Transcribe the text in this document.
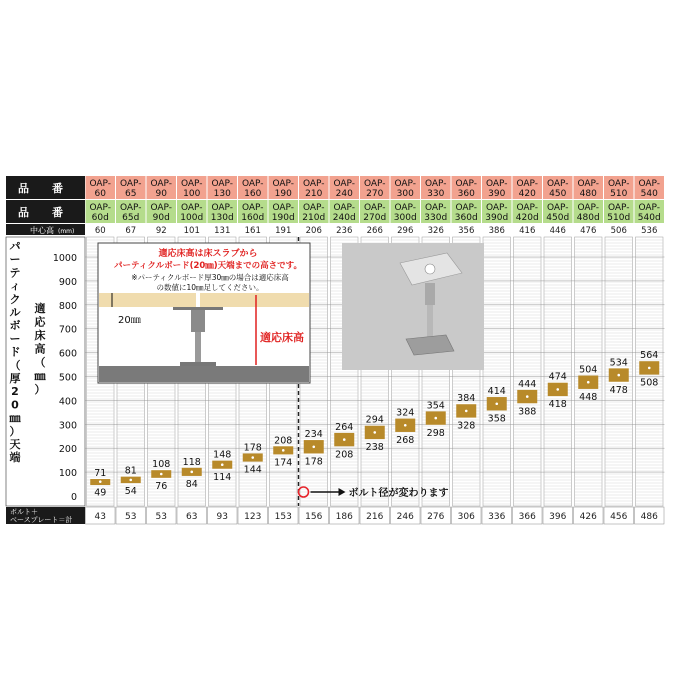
品 番
品 番
中心高 (mm)
ボルト＋
ベースプレート＝計
パ
ー
テ
ィ
ク
ル
ボ
ー
ド
（
厚
2
0
㎜
）
天
端
適
応
床
高
（
㎜
）
OAP-
60
OAP-
60d
60
43
OAP-
65
OAP-
65d
67
53
OAP-
90
OAP-
90d
92
53
OAP-
100
OAP-
100d
101
63
OAP-
130
OAP-
130d
131
93
OAP-
160
OAP-
160d
161
123
OAP-
190
OAP-
190d
191
153
OAP-
210
OAP-
210d
206
156
OAP-
240
OAP-
240d
236
186
OAP-
270
OAP-
270d
266
216
OAP-
300
OAP-
300d
296
246
OAP-
330
OAP-
330d
326
276
OAP-
360
OAP-
360d
356
306
OAP-
390
OAP-
390d
386
336
OAP-
420
OAP-
420d
416
366
OAP-
450
OAP-
450d
446
396
OAP-
480
OAP-
480d
476
426
OAP-
510
OAP-
510d
506
456
OAP-
540
OAP-
540d
536
486
0
100
200
300
400
500
600
700
800
900
1000
71
49
81
54
108
76
118
84
148
114
178
144
208
174
234
178
264
208
294
238
324
268
354
298
384
328
414
358
444
388
474
418
504
448
534
478
564
508
適応床高は床スラブから
パーティクルボード(20㎜)天端までの高さです。
※パーティクルボード厚30㎜の場合は適応床高
の数値に10㎜足してください。
20㎜
適応床高
ボルト径が変わります
